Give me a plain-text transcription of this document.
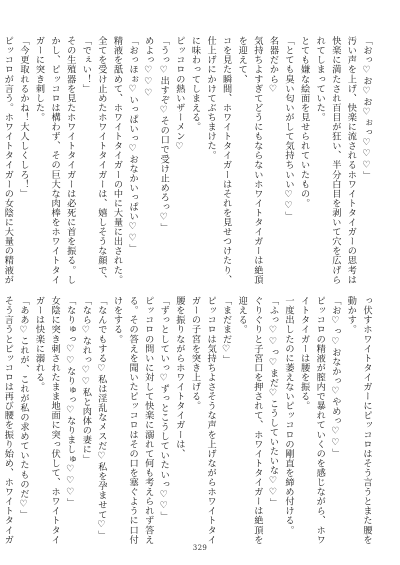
「おっ♡お♡お♡ぉっ♡♡♡」

汚い声を上げ、快楽に流されるホワイトタイガーの思考は快楽に満たされ百目が狂い、半分白目を剥いて穴を広げられてしまっていた。

とても嫌な絵面を見せられていたもの。

「とても臭い匂いがして気持ちいい♡♡」

名器だから♡

気持ちよすぎてどうにもならないホワイトタイガーは絶頂を迎えて、

コを見た瞬間、ホワイトタイガーはそれを見せつけたり、仕上げにかけてぶちまけた。

に味わってしまえる。

ピッコロの熱いザーメン♡

「うっ♡出すぞ♡その口で受け止めろっ♡」

めよっ♡♡♡

「おっほぉ♡いっぱいっ♡おなかいっぱい♡♡」

精液を舐めて、ホワイトタイガーの中に大量に出された。

全てを受け止めたホワイトタイガーは、嬉しそうな顔で、

「でぇい！」

その生殖器を見たホワイトタイガーは必死に首を振る。しかし、ピッコロは構わず、その巨大な肉棒をホワイトタイガーに突き刺した。

「今更取れるかね！大人しくしろ！」

ピッコロが言う。ホワイトタイガーの女陰に大量の精液が

っ伏すホワイトタイガーにピッコロはそう言うとまた腰を動かす。

「お♡っ♡おなかっ♡やめっ♡♡」

ピッコロの精液が膣内で暴れていくのを感じながら、ホワイトタイガーは腰を振る。

一度出したのに萎えないピッコロの剛直を締め付ける。

「ふっ♡♡っ♡まだ♡こうしていたいな♡♡」

ぐりぐりと子宮口を押されて、ホワイトタイガーは絶頂を迎える。

「まだまだ♡」

ピッコロは気持ちよさそうな声を上げながらホワイトタイガーの子宮を突き上げる。

腰を振りながらホワイトタイガーは、

「ずっとしていっ♡ずっとこうしていたいっ♡♡」

ピッコロの問いに対して快楽に溺れて何も考えられず答える。その答えを聞いたピッコロはその口を塞ぐように口付けをする。

「なんでもする♡私は淫乱なメスだ♡私を孕ませて♡」

「なら♡なれっ♡♡私と肉体の妻に」

「なりゅっ♡♡なりゅっ♡なりましゅ♡♡♡」

女陰に突き刺されたまま地面に突っ伏して、ホワイトタイガーは快楽に溺れる。

「ああ♡これが、これが私の求めていたものだ♡」

そう言うとピッコロは再び腰を振り始め、ホワイトタイガ

329
